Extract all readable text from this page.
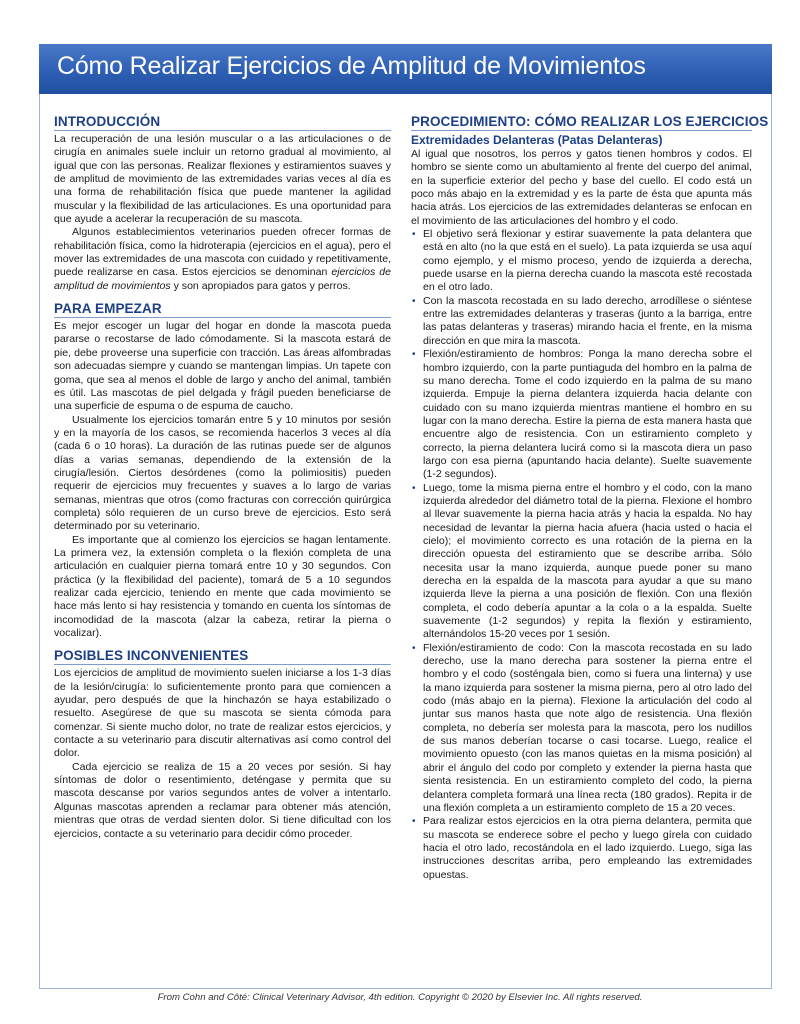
Cómo Realizar Ejercicios de Amplitud de Movimientos
INTRODUCCIÓN

La recuperación de una lesión muscular o a las articulaciones o de cirugía en animales suele incluir un retorno gradual al movimiento, al igual que con las personas. Realizar flexiones y estiramientos suaves y de amplitud de movimiento de las extremidades varias veces al día es una forma de rehabilitación física que puede mantener la agilidad muscular y la flexibilidad de las articulaciones. Es una oportunidad para que ayude a acelerar la recuperación de su mascota.

Algunos establecimientos veterinarios pueden ofrecer formas de rehabilitación física, como la hidroterapia (ejercicios en el agua), pero el mover las extremidades de una mascota con cuidado y repetitivamente, puede realizarse en casa. Estos ejercicios se denominan ejercicios de amplitud de movimientos y son apropiados para gatos y perros.

PARA EMPEZAR

Es mejor escoger un lugar del hogar en donde la mascota pueda pararse o recostarse de lado cómodamente. Si la mascota estará de pie, debe proveerse una superficie con tracción. Las áreas alfombradas son adecuadas siempre y cuando se mantengan limpias. Un tapete con goma, que sea al menos el doble de largo y ancho del animal, también es útil. Las mascotas de piel delgada y frágil pueden beneficiarse de una superficie de espuma o de espuma de caucho.

Usualmente los ejercicios tomarán entre 5 y 10 minutos por sesión y en la mayoría de los casos, se recomienda hacerlos 3 veces al día (cada 6 o 10 horas). La duración de las rutinas puede ser de algunos días a varias semanas, dependiendo de la extensión de la cirugía/lesión. Ciertos desórdenes (como la polimiositis) pueden requerir de ejercicios muy frecuentes y suaves a lo largo de varias semanas, mientras que otros (como fracturas con corrección quirúrgica completa) sólo requieren de un curso breve de ejercicios. Esto será determinado por su veterinario.

Es importante que al comienzo los ejercicios se hagan lentamente. La primera vez, la extensión completa o la flexión completa de una articulación en cualquier pierna tomará entre 10 y 30 segundos. Con práctica (y la flexibilidad del paciente), tomará de 5 a 10 segundos realizar cada ejercicio, teniendo en mente que cada movimiento se hace más lento si hay resistencia y tomando en cuenta los síntomas de incomodidad de la mascota (alzar la cabeza, retirar la pierna o vocalizar).

POSIBLES INCONVENIENTES

Los ejercicios de amplitud de movimiento suelen iniciarse a los 1-3 días de la lesión/cirugía: lo suficientemente pronto para que comiencen a ayudar, pero después de que la hinchazón se haya estabilizado o resuelto. Asegúrese de que su mascota se sienta cómoda para comenzar. Si siente mucho dolor, no trate de realizar estos ejercicios, y contacte a su veterinario para discutir alternativas así como control del dolor.

Cada ejercicio se realiza de 15 a 20 veces por sesión. Si hay síntomas de dolor o resentimiento, deténgase y permita que su mascota descanse por varios segundos antes de volver a intentarlo. Algunas mascotas aprenden a reclamar para obtener más atención, mientras que otras de verdad sienten dolor. Si tiene dificultad con los ejercicios, contacte a su veterinario para decidir cómo proceder.

PROCEDIMIENTO: CÓMO REALIZAR LOS EJERCICIOS
Extremidades Delanteras (Patas Delanteras)

Al igual que nosotros, los perros y gatos tienen hombros y codos. El hombro se siente como un abultamiento al frente del cuerpo del animal, en la superficie exterior del pecho y base del cuello. El codo está un poco más abajo en la extremidad y es la parte de ésta que apunta más hacia atrás. Los ejercicios de las extremidades delanteras se enfocan en el movimiento de las articulaciones del hombro y el codo.

• El objetivo será flexionar y estirar suavemente la pata delantera que está en alto (no la que está en el suelo). La pata izquierda se usa aquí como ejemplo, y el mismo proceso, yendo de izquierda a derecha, puede usarse en la pierna derecha cuando la mascota esté recostada en el otro lado.
• Con la mascota recostada en su lado derecho, arrodíllese o siéntese entre las extremidades delanteras y traseras (junto a la barriga, entre las patas delanteras y traseras) mirando hacia el frente, en la misma dirección en que mira la mascota.
• Flexión/estiramiento de hombros: Ponga la mano derecha sobre el hombro izquierdo, con la parte puntiaguda del hombro en la palma de su mano derecha. Tome el codo izquierdo en la palma de su mano izquierda. Empuje la pierna delantera izquierda hacia delante con cuidado con su mano izquierda mientras mantiene el hombro en su lugar con la mano derecha. Estire la pierna de esta manera hasta que encuentre algo de resistencia. Con un estiramiento completo y correcto, la pierna delantera lucirá como si la mascota diera un paso largo con esa pierna (apuntando hacia delante). Suelte suavemente (1-2 segundos).
• Luego, tome la misma pierna entre el hombro y el codo, con la mano izquierda alrededor del diámetro total de la pierna. Flexione el hombro al llevar suavemente la pierna hacia atrás y hacia la espalda. No hay necesidad de levantar la pierna hacia afuera (hacia usted o hacia el cielo); el movimiento correcto es una rotación de la pierna en la dirección opuesta del estiramiento que se describe arriba. Sólo necesita usar la mano izquierda, aunque puede poner su mano derecha en la espalda de la mascota para ayudar a que su mano izquierda lleve la pierna a una posición de flexión. Con una flexión completa, el codo debería apuntar a la cola o a la espalda. Suelte suavemente (1-2 segundos) y repita la flexión y estiramiento, alternándolos 15-20 veces por 1 sesión.
• Flexión/estiramiento de codo: Con la mascota recostada en su lado derecho, use la mano derecha para sostener la pierna entre el hombro y el codo (sosténgala bien, como si fuera una linterna) y use la mano izquierda para sostener la misma pierna, pero al otro lado del codo (más abajo en la pierna). Flexione la articulación del codo al juntar sus manos hasta que note algo de resistencia. Una flexión completa, no debería ser molesta para la mascota, pero los nudillos de sus manos deberían tocarse o casi tocarse. Luego, realice el movimiento opuesto (con las manos quietas en la misma posición) al abrir el ángulo del codo por completo y extender la pierna hasta que sienta resistencia. En un estiramiento completo del codo, la pierna delantera completa formará una línea recta (180 grados). Repita ir de una flexión completa a un estiramiento completo de 15 a 20 veces.
• Para realizar estos ejercicios en la otra pierna delantera, permita que su mascota se enderece sobre el pecho y luego gírela con cuidado hacia el otro lado, recostándola en el lado izquierdo. Luego, siga las instrucciones descritas arriba, pero empleando las extremidades opuestas.
From Cohn and Côté: Clinical Veterinary Advisor, 4th edition. Copyright © 2020 by Elsevier Inc. All rights reserved.
